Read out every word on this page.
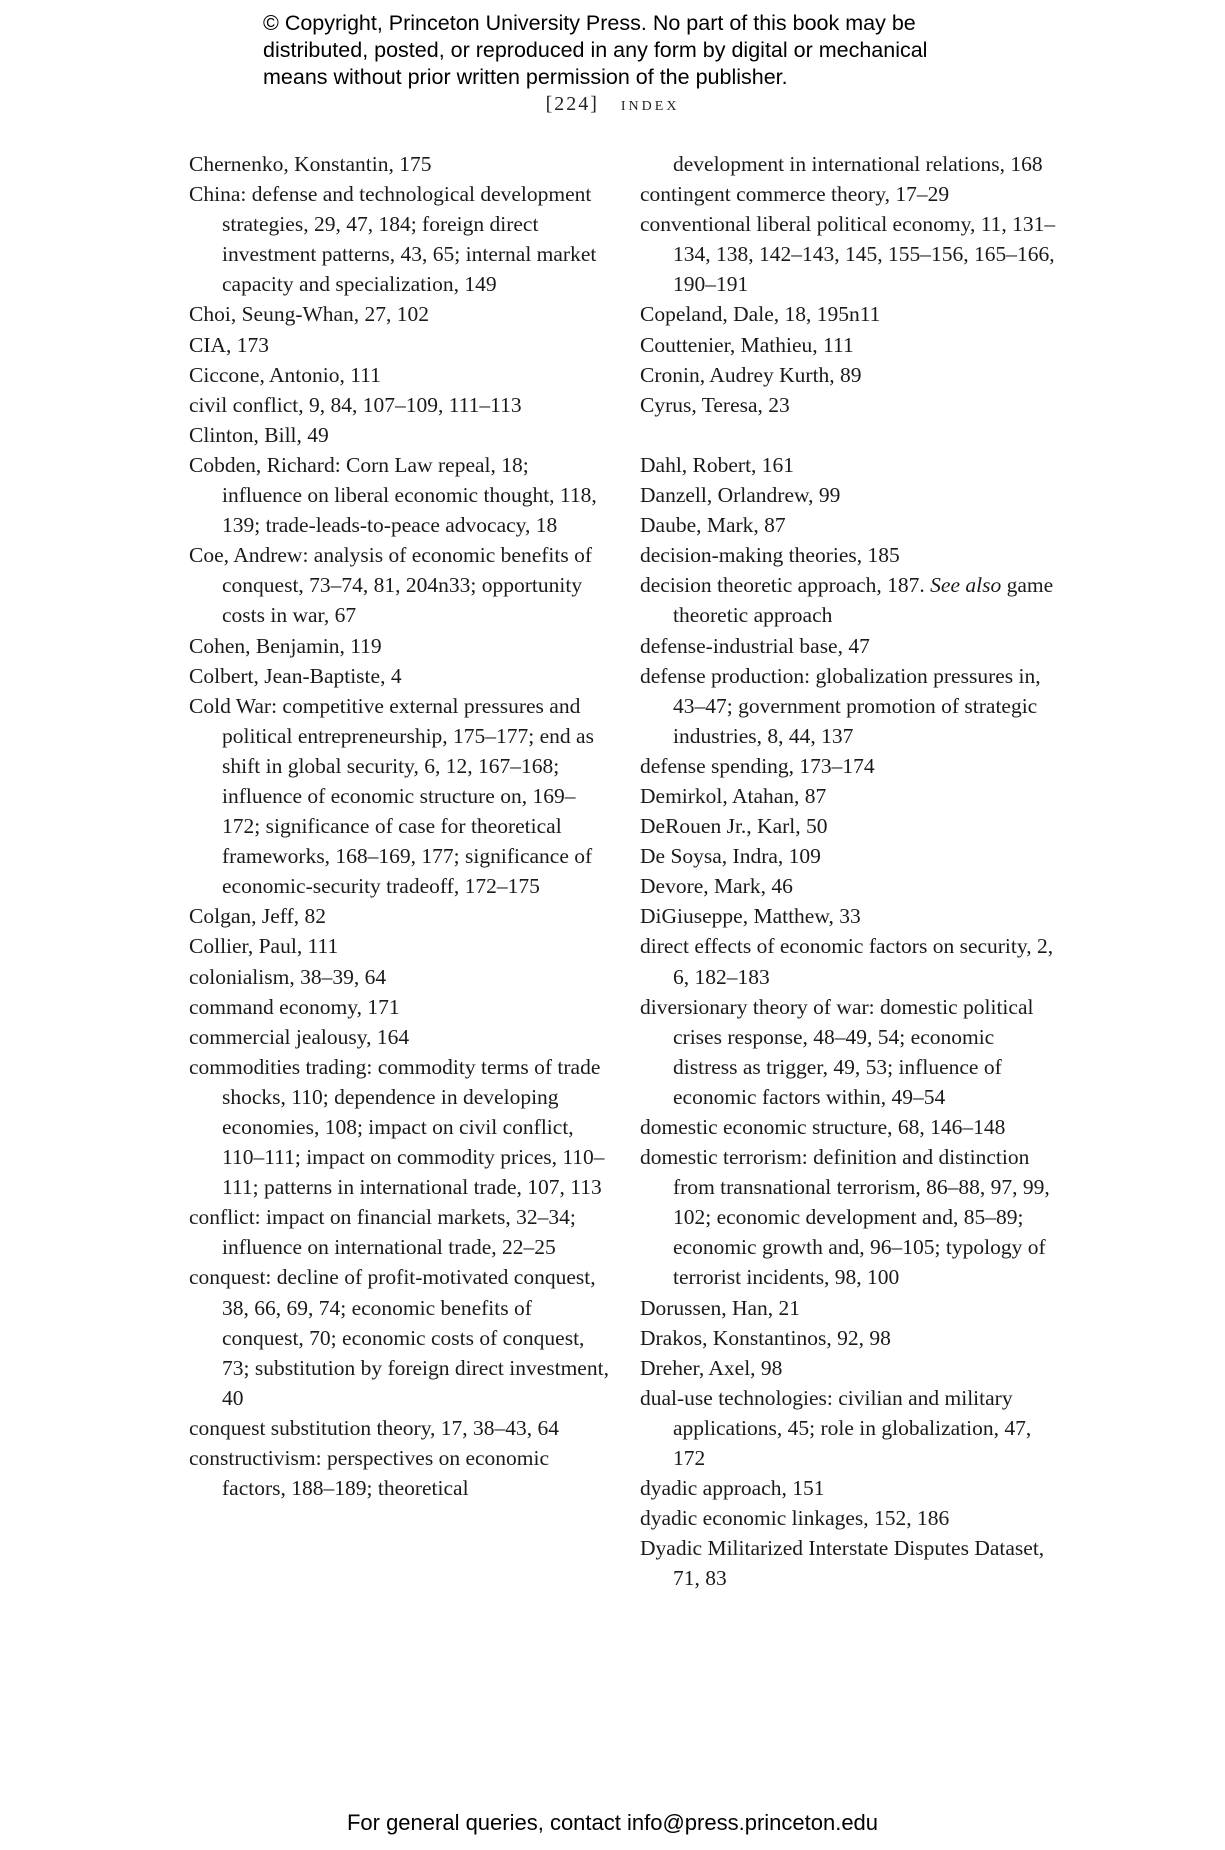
© Copyright, Princeton University Press. No part of this book may be
distributed, posted, or reproduced in any form by digital or mechanical
means without prior written permission of the publisher.
[224] index
Chernenko, Konstantin, 175
China: defense and technological development strategies, 29, 47, 184; foreign direct investment patterns, 43, 65; internal market capacity and specialization, 149
Choi, Seung-Whan, 27, 102
CIA, 173
Ciccone, Antonio, 111
civil conflict, 9, 84, 107–109, 111–113
Clinton, Bill, 49
Cobden, Richard: Corn Law repeal, 18; influence on liberal economic thought, 118, 139; trade-leads-to-peace advocacy, 18
Coe, Andrew: analysis of economic benefits of conquest, 73–74, 81, 204n33; opportunity costs in war, 67
Cohen, Benjamin, 119
Colbert, Jean-Baptiste, 4
Cold War: competitive external pressures and political entrepreneurship, 175–177; end as shift in global security, 6, 12, 167–168; influence of economic structure on, 169–172; significance of case for theoretical frameworks, 168–169, 177; significance of economic-security tradeoff, 172–175
Colgan, Jeff, 82
Collier, Paul, 111
colonialism, 38–39, 64
command economy, 171
commercial jealousy, 164
commodities trading: commodity terms of trade shocks, 110; dependence in developing economies, 108; impact on civil conflict, 110–111; impact on commodity prices, 110–111; patterns in international trade, 107, 113
conflict: impact on financial markets, 32–34; influence on international trade, 22–25
conquest: decline of profit-motivated conquest, 38, 66, 69, 74; economic benefits of conquest, 70; economic costs of conquest, 73; substitution by foreign direct investment, 40
conquest substitution theory, 17, 38–43, 64
constructivism: perspectives on economic factors, 188–189; theoretical
development in international relations, 168
contingent commerce theory, 17–29
conventional liberal political economy, 11, 131–134, 138, 142–143, 145, 155–156, 165–166, 190–191
Copeland, Dale, 18, 195n11
Couttenier, Mathieu, 111
Cronin, Audrey Kurth, 89
Cyrus, Teresa, 23
Dahl, Robert, 161
Danzell, Orlandrew, 99
Daube, Mark, 87
decision-making theories, 185
decision theoretic approach, 187. See also game theoretic approach
defense-industrial base, 47
defense production: globalization pressures in, 43–47; government promotion of strategic industries, 8, 44, 137
defense spending, 173–174
Demirkol, Atahan, 87
DeRouen Jr., Karl, 50
De Soysa, Indra, 109
Devore, Mark, 46
DiGiuseppe, Matthew, 33
direct effects of economic factors on security, 2, 6, 182–183
diversionary theory of war: domestic political crises response, 48–49, 54; economic distress as trigger, 49, 53; influence of economic factors within, 49–54
domestic economic structure, 68, 146–148
domestic terrorism: definition and distinction from transnational terrorism, 86–88, 97, 99, 102; economic development and, 85–89; economic growth and, 96–105; typology of terrorist incidents, 98, 100
Dorussen, Han, 21
Drakos, Konstantinos, 92, 98
Dreher, Axel, 98
dual-use technologies: civilian and military applications, 45; role in globalization, 47, 172
dyadic approach, 151
dyadic economic linkages, 152, 186
Dyadic Militarized Interstate Disputes Dataset, 71, 83
For general queries, contact info@press.princeton.edu
